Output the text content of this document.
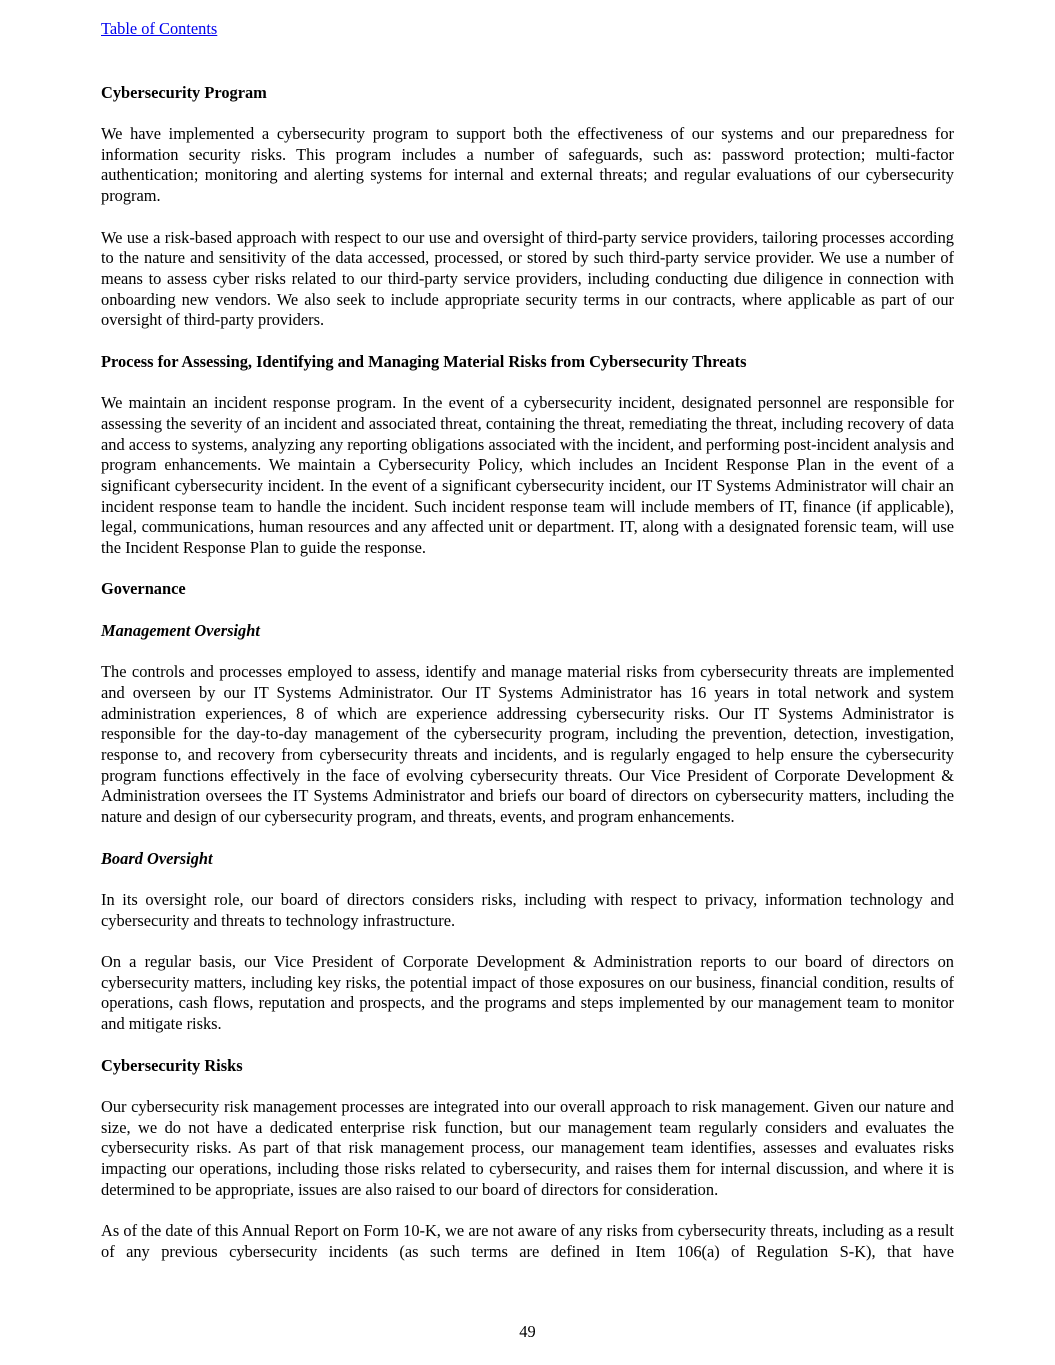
Table of Contents
Cybersecurity Program

We have implemented a cybersecurity program to support both the effectiveness of our systems and our preparedness for information security risks. This program includes a number of safeguards, such as: password protection; multi-factor authentication; monitoring and alerting systems for internal and external threats; and regular evaluations of our cybersecurity program.

We use a risk-based approach with respect to our use and oversight of third-party service providers, tailoring processes according to the nature and sensitivity of the data accessed, processed, or stored by such third-party service provider. We use a number of means to assess cyber risks related to our third-party service providers, including conducting due diligence in connection with onboarding new vendors. We also seek to include appropriate security terms in our contracts, where applicable as part of our oversight of third-party providers.

Process for Assessing, Identifying and Managing Material Risks from Cybersecurity Threats

We maintain an incident response program. In the event of a cybersecurity incident, designated personnel are responsible for assessing the severity of an incident and associated threat, containing the threat, remediating the threat, including recovery of data and access to systems, analyzing any reporting obligations associated with the incident, and performing post-incident analysis and program enhancements. We maintain a Cybersecurity Policy, which includes an Incident Response Plan in the event of a significant cybersecurity incident. In the event of a significant cybersecurity incident, our IT Systems Administrator will chair an incident response team to handle the incident. Such incident response team will include members of IT, finance (if applicable), legal, communications, human resources and any affected unit or department. IT, along with a designated forensic team, will use the Incident Response Plan to guide the response.

Governance
Management Oversight

The controls and processes employed to assess, identify and manage material risks from cybersecurity threats are implemented and overseen by our IT Systems Administrator. Our IT Systems Administrator has 16 years in total network and system administration experiences, 8 of which are experience addressing cybersecurity risks. Our IT Systems Administrator is responsible for the day-to-day management of the cybersecurity program, including the prevention, detection, investigation, response to, and recovery from cybersecurity threats and incidents, and is regularly engaged to help ensure the cybersecurity program functions effectively in the face of evolving cybersecurity threats. Our Vice President of Corporate Development & Administration oversees the IT Systems Administrator and briefs our board of directors on cybersecurity matters, including the nature and design of our cybersecurity program, and threats, events, and program enhancements.

Board Oversight

In its oversight role, our board of directors considers risks, including with respect to privacy, information technology and cybersecurity and threats to technology infrastructure.

On a regular basis, our Vice President of Corporate Development & Administration reports to our board of directors on cybersecurity matters, including key risks, the potential impact of those exposures on our business, financial condition, results of operations, cash flows, reputation and prospects, and the programs and steps implemented by our management team to monitor and mitigate risks.

Cybersecurity Risks

Our cybersecurity risk management processes are integrated into our overall approach to risk management. Given our nature and size, we do not have a dedicated enterprise risk function, but our management team regularly considers and evaluates the cybersecurity risks. As part of that risk management process, our management team identifies, assesses and evaluates risks impacting our operations, including those risks related to cybersecurity, and raises them for internal discussion, and where it is determined to be appropriate, issues are also raised to our board of directors for consideration.

As of the date of this Annual Report on Form 10-K, we are not aware of any risks from cybersecurity threats, including as a result of any previous cybersecurity incidents (as such terms are defined in Item 106(a) of Regulation S-K), that have

49
